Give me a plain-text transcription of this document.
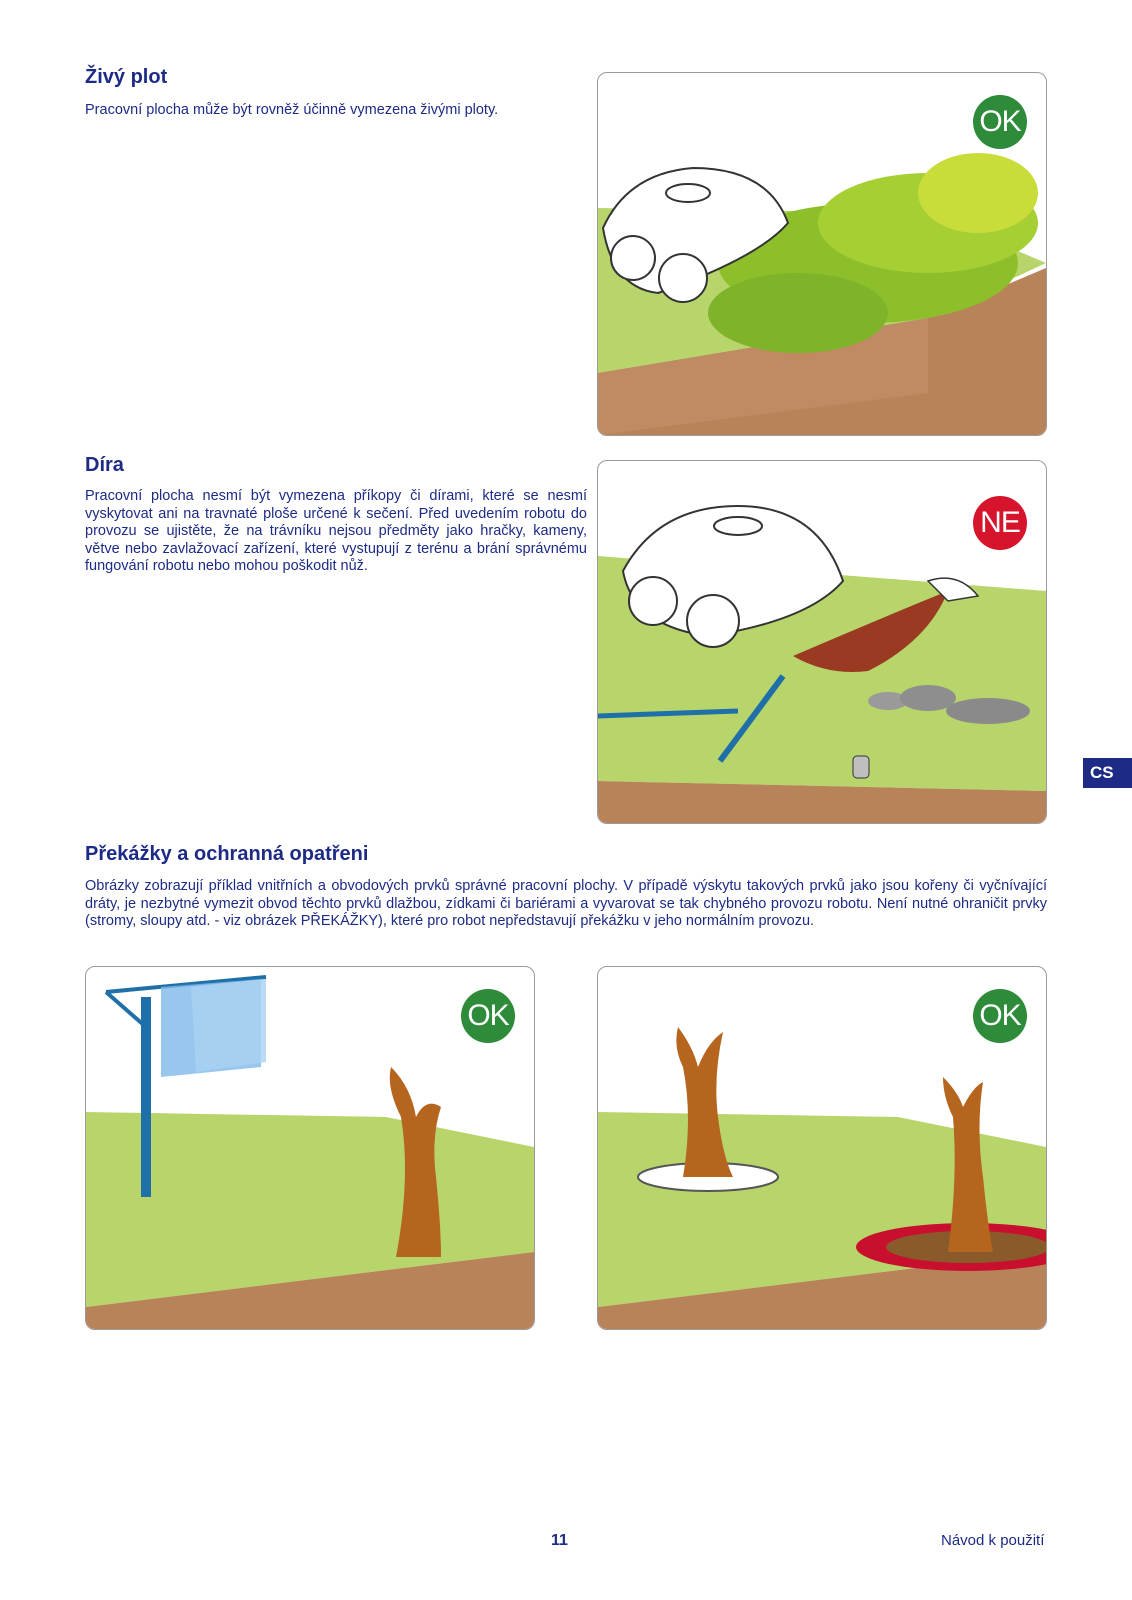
Živý plot

Pracovní plocha může být rovněž účinně vymezena živými ploty.	OK
Díra

Pracovní plocha nesmí být vymezena příkopy či dírami, které se nesmí vyskytovat ani na travnaté ploše určené k sečení. Před uvedením robotu do provozu se ujistěte, že na trávníku nejsou předměty jako hračky, kameny, větve nebo zavlažovací zařízení, které vystupují z terénu a brání správnému fungování robotu nebo mohou poškodit nůž.

NE
CS
Překážky a ochranná opatřeni

Obrázky zobrazují příklad vnitřních a obvodových prvků správné pracovní plochy. V případě výskytu takových prvků jako jsou kořeny či vyčnívající dráty, je nezbytné vymezit obvod těchto prvků dlažbou, zídkami či bariérami a vyvarovat se tak chybného provozu robotu. Není nutné ohraničit prvky (stromy, sloupy atd. - viz obrázek PŘEKÁŽKY), které pro robot nepředstavují překážku v jeho normálním provozu.

OK	OK
11	Návod k použití
